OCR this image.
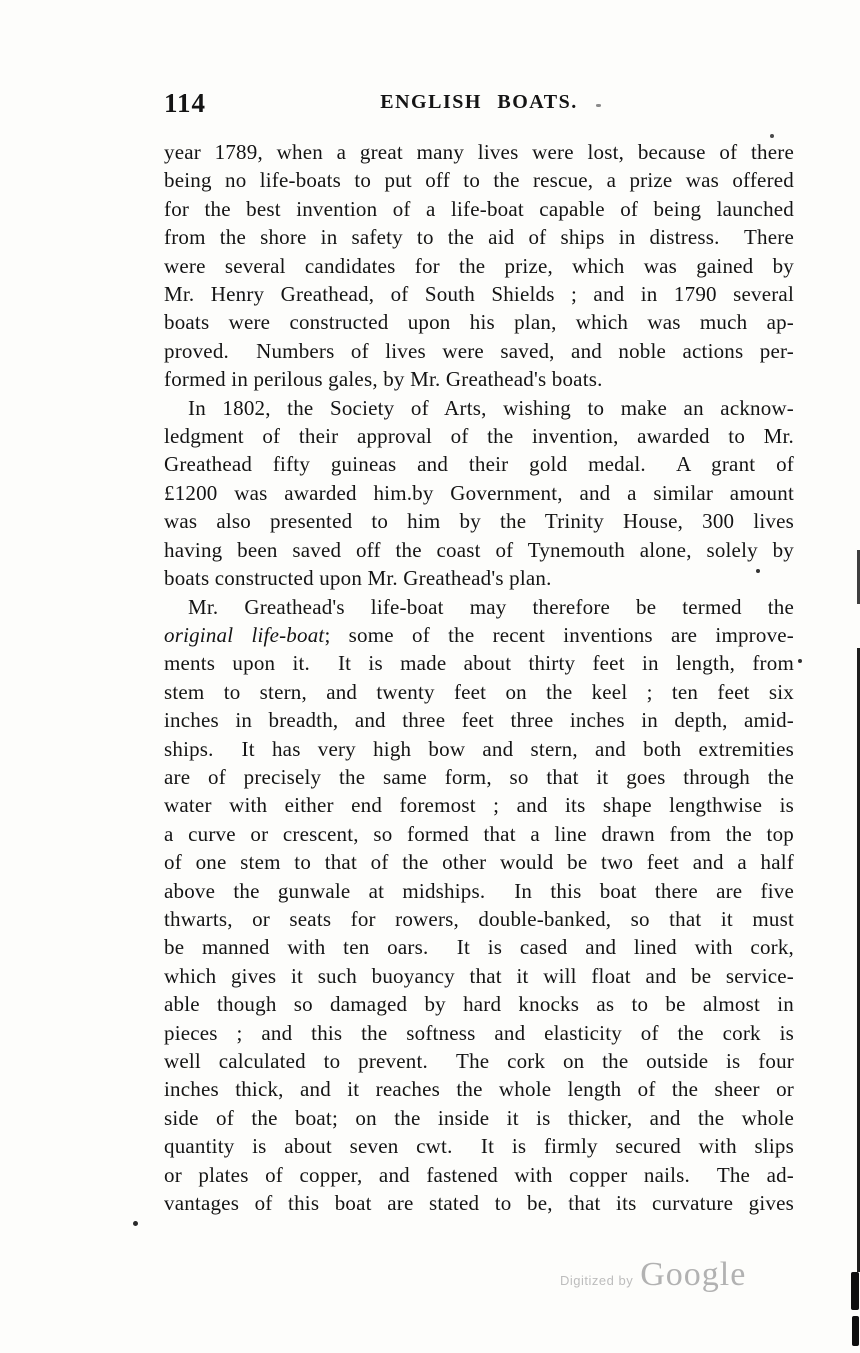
114	ENGLISH BOATS.
year 1789, when a great many lives were lost, because of there
being no life-boats to put off to the rescue, a prize was offered
for the best invention of a life-boat capable of being launched
from the shore in safety to the aid of ships in distress.  There
were several candidates for the prize, which was gained by
Mr. Henry Greathead, of South Shields ; and in 1790 several
boats were constructed upon his plan, which was much ap-
proved.  Numbers of lives were saved, and noble actions per-
formed in perilous gales, by Mr. Greathead's boats.
In 1802, the Society of Arts, wishing to make an acknow-
ledgment of their approval of the invention, awarded to Mr.
Greathead fifty guineas and their gold medal.  A grant of
£1200 was awarded him.by Government, and a similar amount
was also presented to him by the Trinity House, 300 lives
having been saved off the coast of Tynemouth alone, solely by
boats constructed upon Mr. Greathead's plan.
Mr. Greathead's life-boat may therefore be termed the
original life-boat; some of the recent inventions are improve-
ments upon it.  It is made about thirty feet in length, from
stem to stern, and twenty feet on the keel ; ten feet six
inches in breadth, and three feet three inches in depth, amid-
ships.  It has very high bow and stern, and both extremities
are of precisely the same form, so that it goes through the
water with either end foremost ; and its shape lengthwise is
a curve or crescent, so formed that a line drawn from the top
of one stem to that of the other would be two feet and a half
above the gunwale at midships.  In this boat there are five
thwarts, or seats for rowers, double-banked, so that it must
be manned with ten oars.  It is cased and lined with cork,
which gives it such buoyancy that it will float and be service-
able though so damaged by hard knocks as to be almost in
pieces ; and this the softness and elasticity of the cork is
well calculated to prevent.  The cork on the outside is four
inches thick, and it reaches the whole length of the sheer or
side of the boat; on the inside it is thicker, and the whole
quantity is about seven cwt.  It is firmly secured with slips
or plates of copper, and fastened with copper nails.  The ad-
vantages of this boat are stated to be, that its curvature gives
Digitized by Google
